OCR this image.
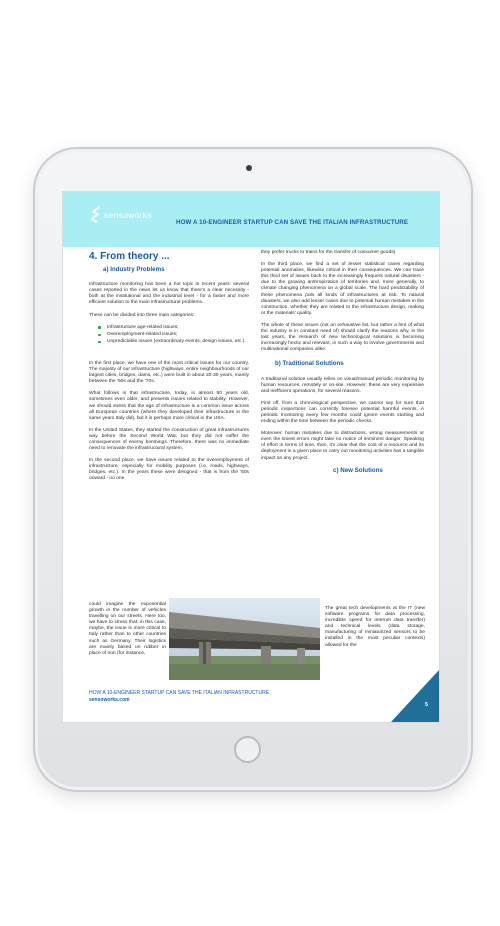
sensoworks
HOW A 10-ENGINEER STARTUP CAN SAVE THE ITALIAN INFRASTRUCTURE
4. From theory ...
a) Industry Problems

Infrastructure monitoring has been a hot topic in recent years: several cases reported in the news let us know that there's a clear necessity - both at the institutional and the industrial level - for a faster and more efficient solution to the main infrastructural problems.

These can be divided into three main categories:

Infrastructure age-related issues;
Overemployment-related issues;
Unpredictable issues (extraordinary events, design issues, etc.).

In the first place, we have one of the most critical issues for our country. The majority of our infrastructure (highways, entire neighbourhoods of our largest cities, bridges, dams, etc.) were built in about 20-30 years, mainly between the '50s and the '70s.

What follows is that infrastructure, today, is almost 50 years old, sometimes even older, and presents issues related to stability. However, we should stress that the age of infrastructure is a common issue across all European countries (where they developed their infrastructure in the same years Italy did), but it is perhaps more critical in the USA.

In the United States, they started the construction of great infrastructures way before the Second World War, but they did not suffer the consequences of enemy bombings. Therefore, there was no immediate need to renovate the infrastructural system.

In the second place, we have issues related to the overemployment of infrastructure, especially for mobility purposes (i.e. roads, highways, bridges, etc.). In the years these were designed - that is from the '50s onward - no one

could imagine the exponential growth in the number of vehicles travelling on our streets. Here too, we have to stress that: in this case, maybe, the issue is more critical to Italy rather than to other countries such as Germany. Their logistics are mainly based on rubber in place of iron (for instance,

they prefer trucks to trains for the transfer of consumer goods).

In the third place, we find a set of lesser statistical cases regarding potential anomalies, likewise critical in their consequences. We can trace this third set of issues back to the increasingly frequent natural disasters - due to the growing anthropization of territories and, more generally, to climate changing phenomena on a global scale. The hard predictability of these phenomena puts all kinds of infrastructures at risk. To natural disasters, we also add lesser cases due to potential human mistakes in the construction, whether they are related to the infrastructure design, making or the materials' quality.

The whole of these issues (not an exhaustive list, but rather a hint of what the industry is in constant need of) should clarify the reasons why, in the last years, the research of new technological solutions is becoming increasingly hectic and relevant, in such a way to involve governments and multinational companies alike.

b) Traditional Solutions

A traditional solution usually relies on visual/manual periodic monitoring by human resources, remotely or on-site. However, these are very expensive and inefficient operations, for several reasons.

First off, from a chronological perspective, we cannot say for sure that periodic inspections can correctly foresee potential harmful events. A periodic monitoring every few months could ignore events starting and ending within the time between the periodic checks.

Moreover, human mistakes due to distractions, wrong measurements or even the tiniest errors might take no notice of imminent danger. Speaking of effort in terms of time, then, it's clear that the cost of a resource and its deployment in a given place to carry out monitoring activities has a tangible impact on any project.

c) New Solutions
The great tech developments at the IT (new software programs for data processing, incredible speed for internet data transfer) and technical levels (data storage, manufacturing of miniaturized sensors to be installed in the most peculiar contexts) allowed for the
HOW A 10-ENGINEER STARTUP CAN SAVE THE ITALIAN INFRASTRUCTURE
sensoworks.com
5
